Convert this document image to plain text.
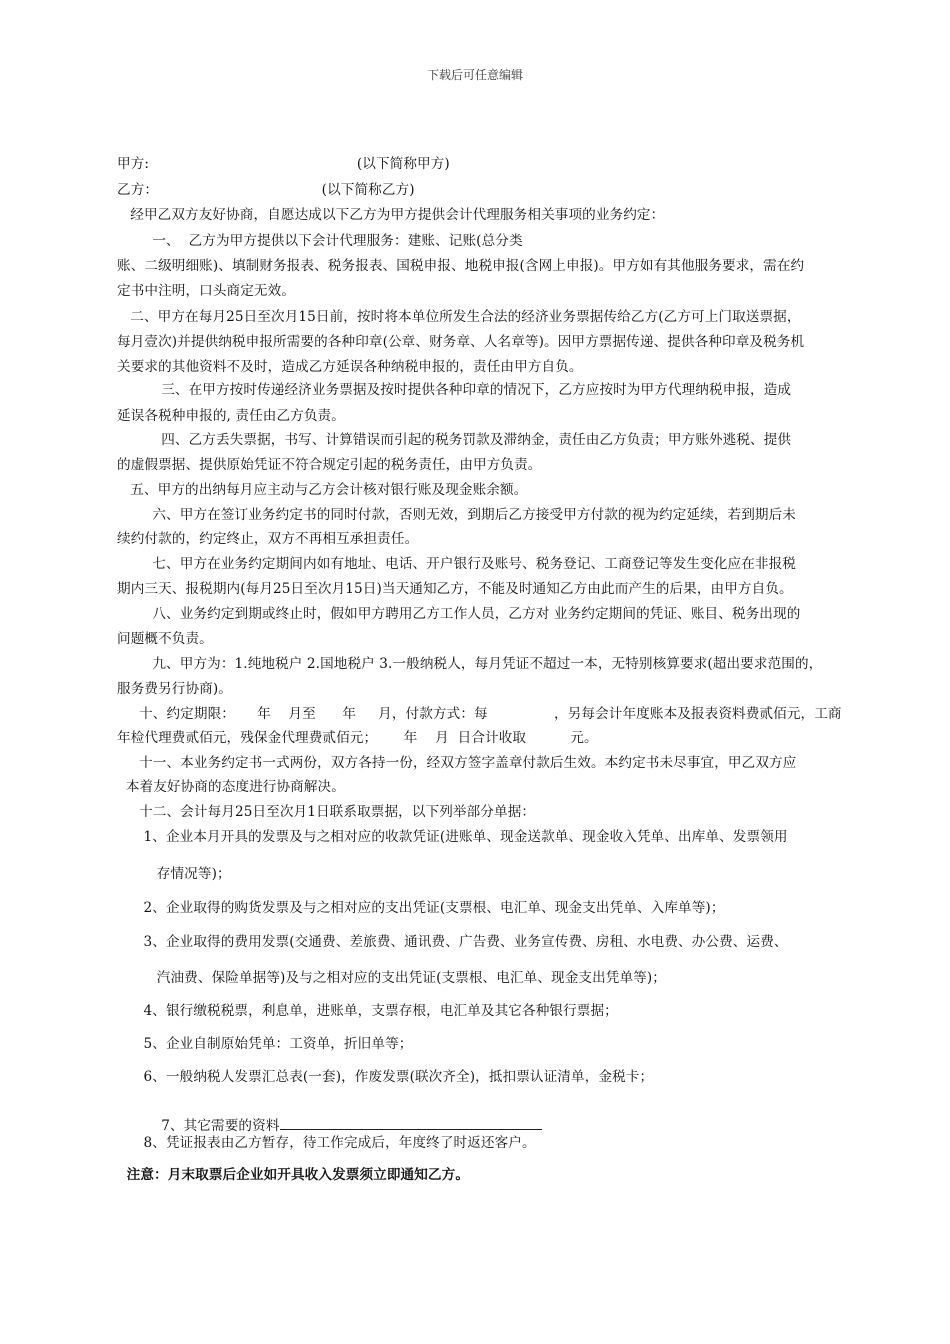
下载后可任意编辑
甲方:                                               (以下简称甲方)
乙方：                                     (以下简称乙方)
经甲乙双方友好协商，自愿达成以下乙方为甲方提供会计代理服务相关事项的业务约定：
一、  乙方为甲方提供以下会计代理服务：建账、记账(总分类
账、二级明细账)、填制财务报表、税务报表、国税申报、地税申报(含网上申报)。甲方如有其他服务要求，需在约
定书中注明，口头商定无效。
二、甲方在每月25日至次月15日前，按时将本单位所发生合法的经济业务票据传给乙方(乙方可上门取送票据，
每月壹次)并提供纳税申报所需要的各种印章(公章、财务章、人名章等)。因甲方票据传递、提供各种印章及税务机
关要求的其他资料不及时，造成乙方延误各种纳税申报的，责任由甲方自负。
三、在甲方按时传递经济业务票据及按时提供各种印章的情况下，乙方应按时为甲方代理纳税申报，造成
延误各税种申报的, 责任由乙方负责。
四、乙方丢失票据，书写、计算错误而引起的税务罚款及滞纳金，责任由乙方负责；甲方账外逃税、提供
的虚假票据、提供原始凭证不符合规定引起的税务责任，由甲方负责。
五、甲方的出纳每月应主动与乙方会计核对银行账及现金账余额。
六、甲方在签订业务约定书的同时付款，否则无效，到期后乙方接受甲方付款的视为约定延续，若到期后未
续约付款的，约定终止，双方不再相互承担责任。
七、甲方在业务约定期间内如有地址、电话、开户银行及账号、税务登记、工商登记等发生变化应在非报税
期内三天、报税期内(每月25日至次月15日)当天通知乙方，不能及时通知乙方由此而产生的后果，由甲方自负。
八、业务约定到期或终止时，假如甲方聘用乙方工作人员，乙方对 业务约定期间的凭证、账目、税务出现的
问题概不负责。
九、甲方为：1.纯地税户 2.国地税户 3.一般纳税人，每月凭证不超过一本，无特别核算要求(超出要求范围的，
服务费另行协商)。
十、约定期限：     年    月至      年     月，付款方式：每               ，另每会计年度账本及报表资料费贰佰元，工商
年检代理费贰佰元，残保金代理费贰佰元；      年    月  日合计收取          元。
十一、本业务约定书一式两份，双方各持一份，经双方签字盖章付款后生效。本约定书未尽事宜，甲乙双方应
本着友好协商的态度进行协商解决。
十二、会计每月25日至次月1日联系取票据，以下列举部分单据：
1、企业本月开具的发票及与之相对应的收款凭证(进账单、现金送款单、现金收入凭单、出库单、发票领用
存情况等)；
2、企业取得的购货发票及与之相对应的支出凭证(支票根、电汇单、现金支出凭单、入库单等)；
3、企业取得的费用发票(交通费、差旅费、通讯费、广告费、业务宣传费、房租、水电费、办公费、运费、
汽油费、保险单据等)及与之相对应的支出凭证(支票根、电汇单、现金支出凭单等)；
4、银行缴税税票，利息单，进账单，支票存根，电汇单及其它各种银行票据；
5、企业自制原始凭单：工资单，折旧单等；
6、一般纳税人发票汇总表(一套)，作废发票(联次齐全)，抵扣票认证清单，金税卡；

7、其它需要的资料

8、凭证报表由乙方暂存，待工作完成后，年度终了时返还客户。
注意：月末取票后企业如开具收入发票须立即通知乙方。
